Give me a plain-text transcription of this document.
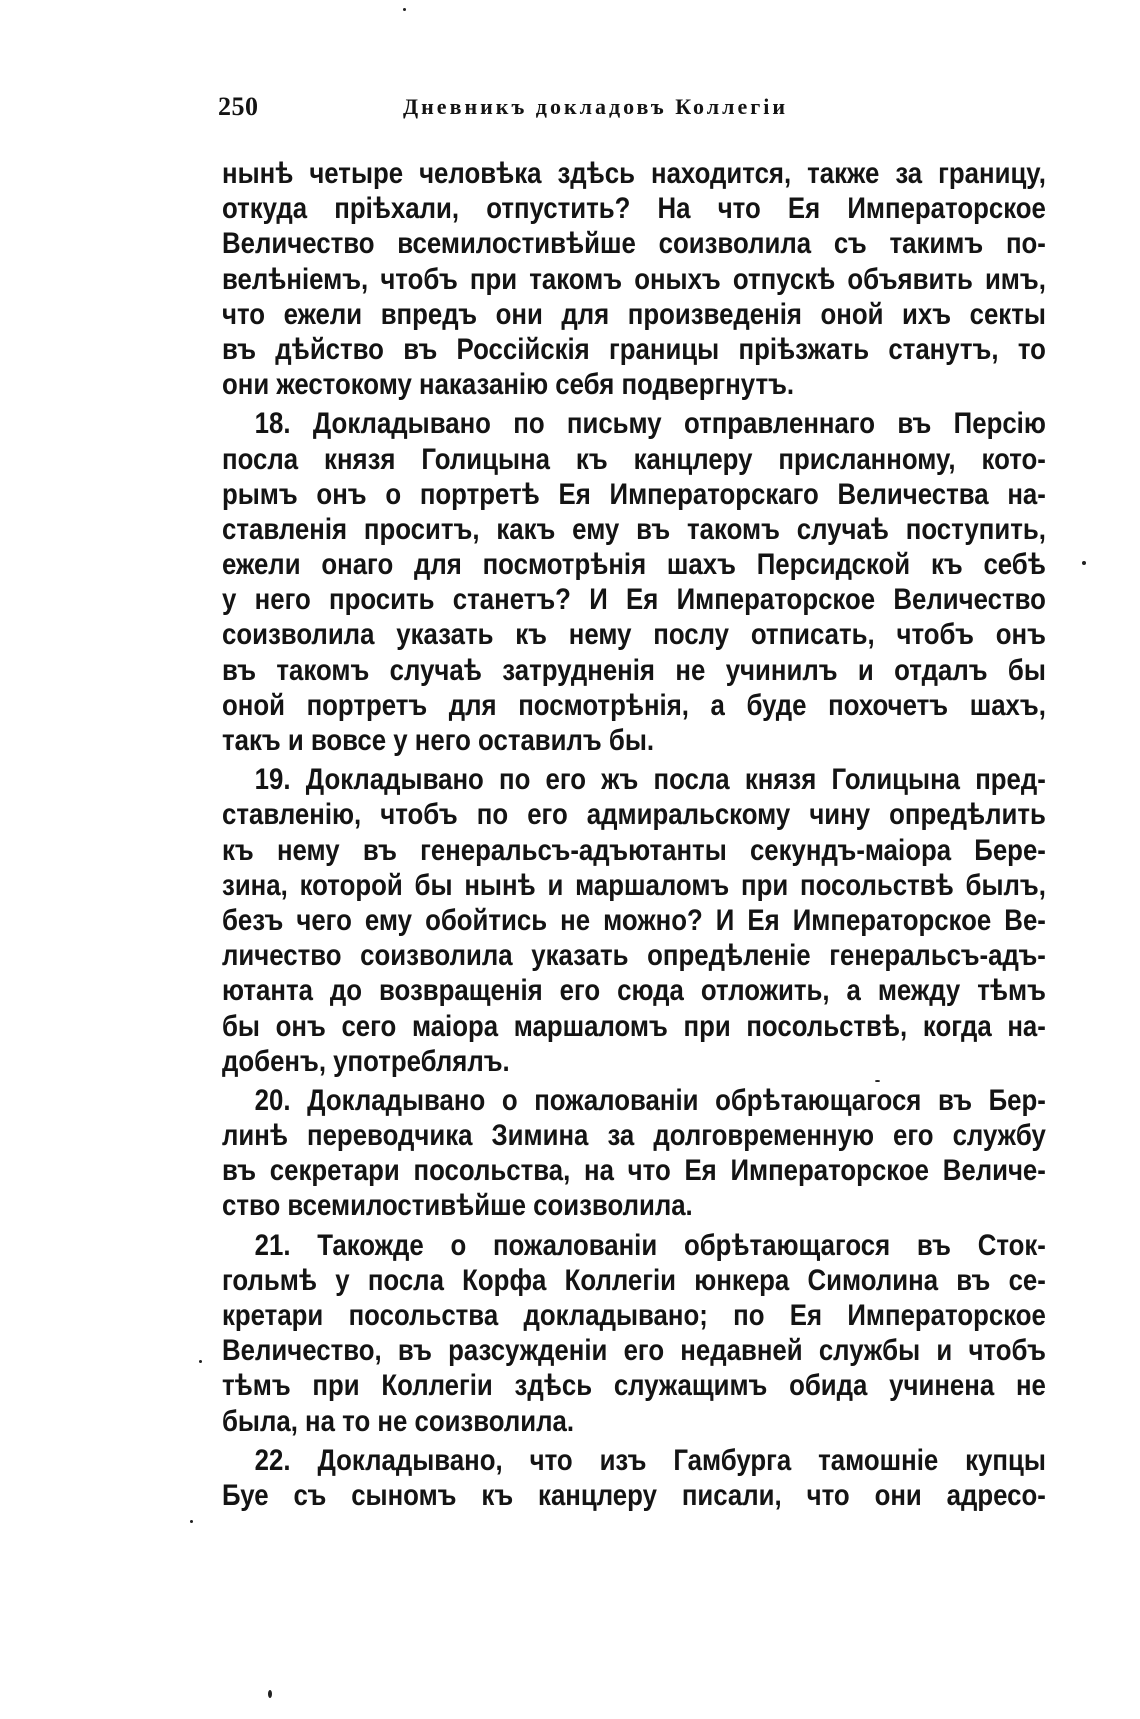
250	Дневникъ докладовъ Коллегіи
нынѣ четыре человѣка здѣсь находится, также за границу,
откуда пріѣхали, отпустить? На что Ея Императорское
Величество всемилостивѣйше соизволила съ такимъ по-
велѣніемъ, чтобъ при такомъ оныхъ отпускѣ объявить имъ,
что ежели впредъ они для произведенія оной ихъ секты
въ дѣйство въ Россійскія границы пріѣзжать станутъ, то
они жестокому наказанію себя подвергнутъ.
18. Докладывано по письму отправленнаго въ Персію
посла князя Голицына къ канцлеру присланному, кото-
рымъ онъ о портретѣ Ея Императорскаго Величества на-
ставленія проситъ, какъ ему въ такомъ случаѣ поступить,
ежели онаго для посмотрѣнія шахъ Персидской къ себѣ
у него просить станетъ? И Ея Императорское Величество
соизволила указать къ нему послу отписать, чтобъ онъ
въ такомъ случаѣ затрудненія не учинилъ и отдалъ бы
оной портретъ для посмотрѣнія, а буде похочетъ шахъ,
такъ и вовсе у него оставилъ бы.
19. Докладывано по его жъ посла князя Голицына пред-
ставленію, чтобъ по его адмиральскому чину опредѣлить
къ нему въ генеральсъ-адъютанты секундъ-маіора Бере-
зина, которой бы нынѣ и маршаломъ при посольствѣ былъ,
безъ чего ему обойтись не можно? И Ея Императорское Ве-
личество соизволила указать опредѣленіе генеральсъ-адъ-
ютанта до возвращенія его сюда отложить, а между тѣмъ
бы онъ сего маіора маршаломъ при посольствѣ, когда на-
добенъ, употреблялъ.
20. Докладывано о пожалованіи обрѣтающагося въ Бер-
линѣ переводчика Зимина за долговременную его службу
въ секретари посольства, на что Ея Императорское Величе-
ство всемилостивѣйше соизволила.
21. Такожде о пожалованіи обрѣтающагося въ Сток-
гольмѣ у посла Корфа Коллегіи юнкера Симолина въ се-
кретари посольства докладывано; по Ея Императорское
Величество, въ разсужденіи его недавней службы и чтобъ
тѣмъ при Коллегіи здѣсь служащимъ обида учинена не
была, на то не соизволила.
22. Докладывано, что изъ Гамбурга тамошніе купцы
Буе съ сыномъ къ канцлеру писали, что они адресо-
